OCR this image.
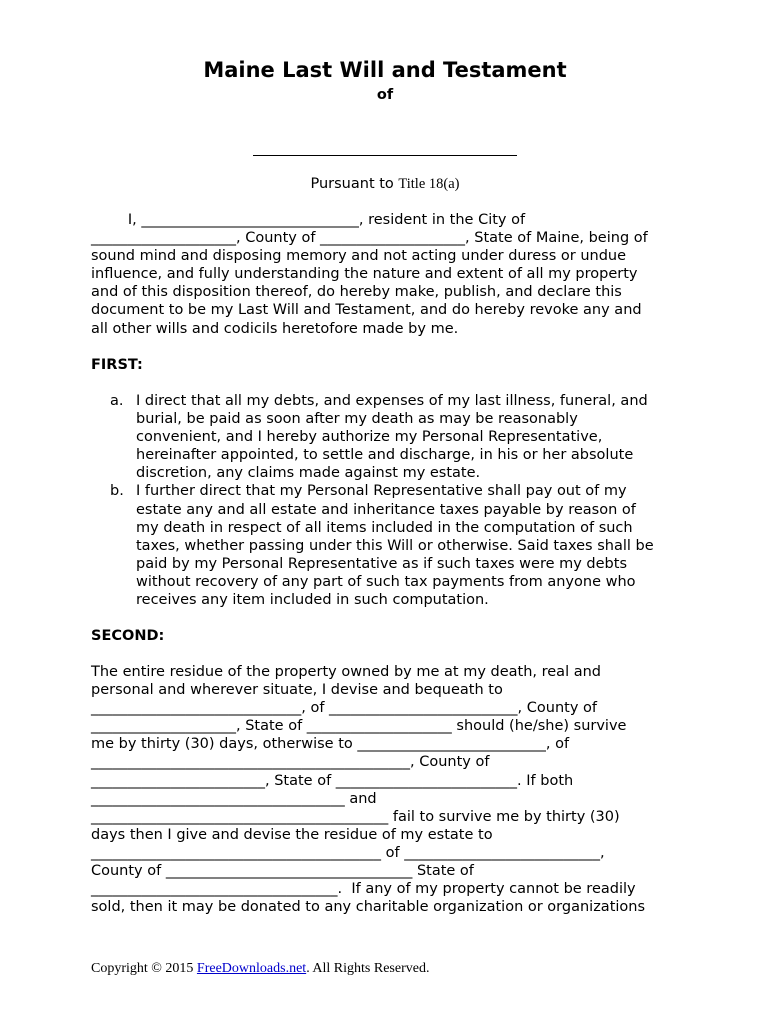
Maine Last Will and Testament
of
Pursuant to Title 18(a)
I, ______________________________, resident in the City of
____________________, County of ____________________, State of Maine, being of
sound mind and disposing memory and not acting under duress or undue
influence, and fully understanding the nature and extent of all my property
and of this disposition thereof, do hereby make, publish, and declare this
document to be my Last Will and Testament, and do hereby revoke any and
all other wills and codicils heretofore made by me.
FIRST:
a. I direct that all my debts, and expenses of my last illness, funeral, and
burial, be paid as soon after my death as may be reasonably
convenient, and I hereby authorize my Personal Representative,
hereinafter appointed, to settle and discharge, in his or her absolute
discretion, any claims made against my estate.
b. I further direct that my Personal Representative shall pay out of my
estate any and all estate and inheritance taxes payable by reason of
my death in respect of all items included in the computation of such
taxes, whether passing under this Will or otherwise. Said taxes shall be
paid by my Personal Representative as if such taxes were my debts
without recovery of any part of such tax payments from anyone who
receives any item included in such computation.
SECOND:
The entire residue of the property owned by me at my death, real and
personal and wherever situate, I devise and bequeath to
_____________________________, of __________________________, County of
____________________, State of ____________________ should (he/she) survive
me by thirty (30) days, otherwise to __________________________, of
____________________________________________, County of
________________________, State of _________________________. If both
___________________________________ and
_________________________________________ fail to survive me by thirty (30)
days then I give and devise the residue of my estate to
________________________________________ of ___________________________,
County of __________________________________ State of
__________________________________.  If any of my property cannot be readily
sold, then it may be donated to any charitable organization or organizations
Copyright © 2015 FreeDownloads.net. All Rights Reserved.
